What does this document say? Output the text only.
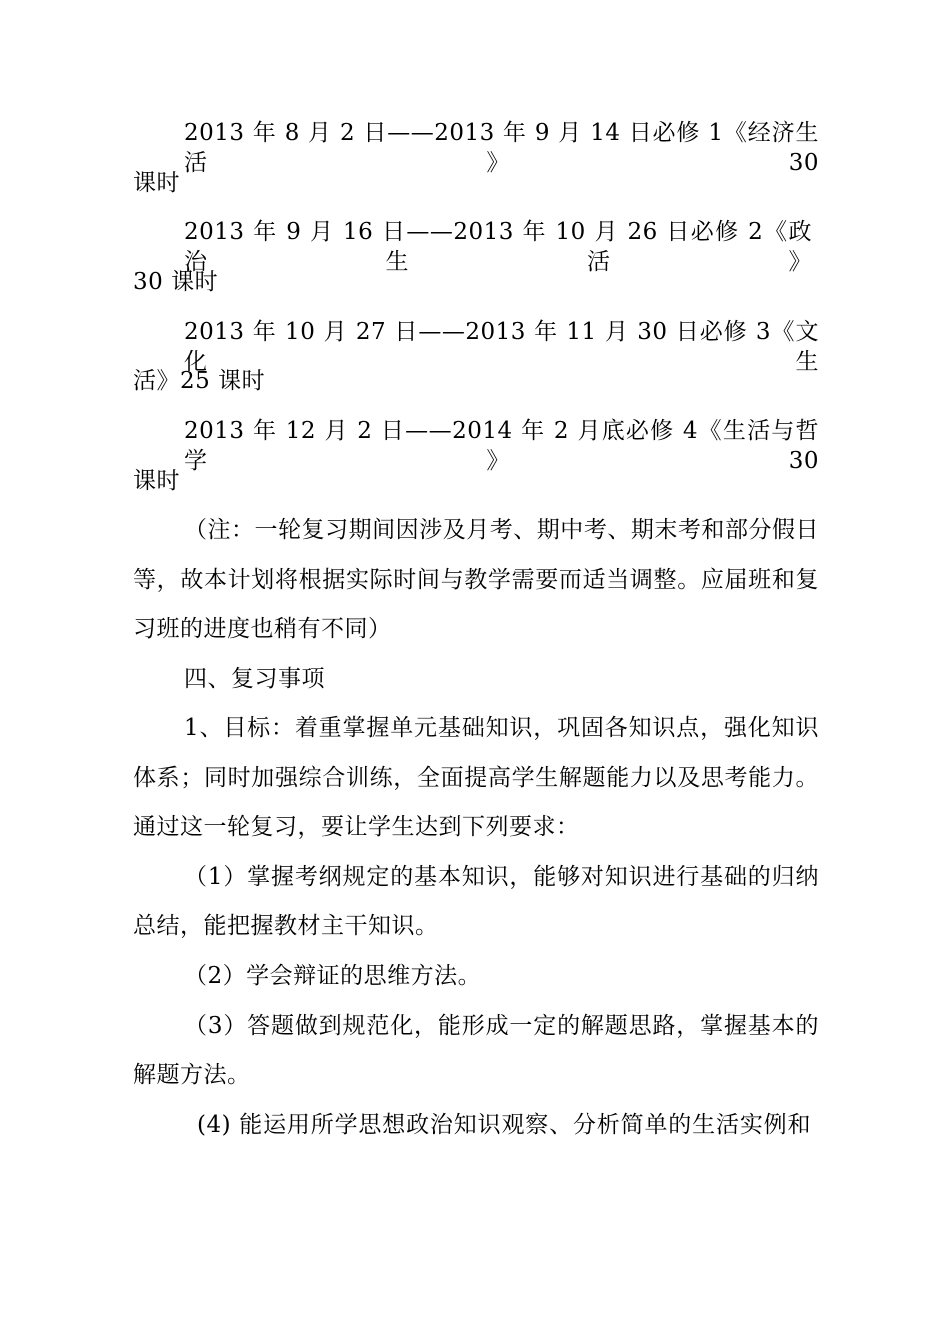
2013 年 8 月 2 日——2013 年 9 月 14 日必修 1《经济生活》30
课时
2013 年 9 月 16 日——2013 年 10 月 26 日必修 2《政治生活》
30 课时
2013 年 10 月 27 日——2013 年 11 月 30 日必修 3《文化生
活》25 课时
2013 年 12 月 2 日——2014 年 2 月底必修 4《生活与哲学》30
课时
（注：一轮复习期间因涉及月考、期中考、期末考和部分假日
等，故本计划将根据实际时间与教学需要而适当调整。应届班和复
习班的进度也稍有不同）
四、复习事项
1、目标：着重掌握单元基础知识，巩固各知识点，强化知识
体系；同时加强综合训练，全面提高学生解题能力以及思考能力。
通过这一轮复习，要让学生达到下列要求：
（1）掌握考纲规定的基本知识，能够对知识进行基础的归纳
总结，能把握教材主干知识。
（2）学会辩证的思维方法。
（3）答题做到规范化，能形成一定的解题思路，掌握基本的
解题方法。
(4) 能运用所学思想政治知识观察、分析简单的生活实例和
